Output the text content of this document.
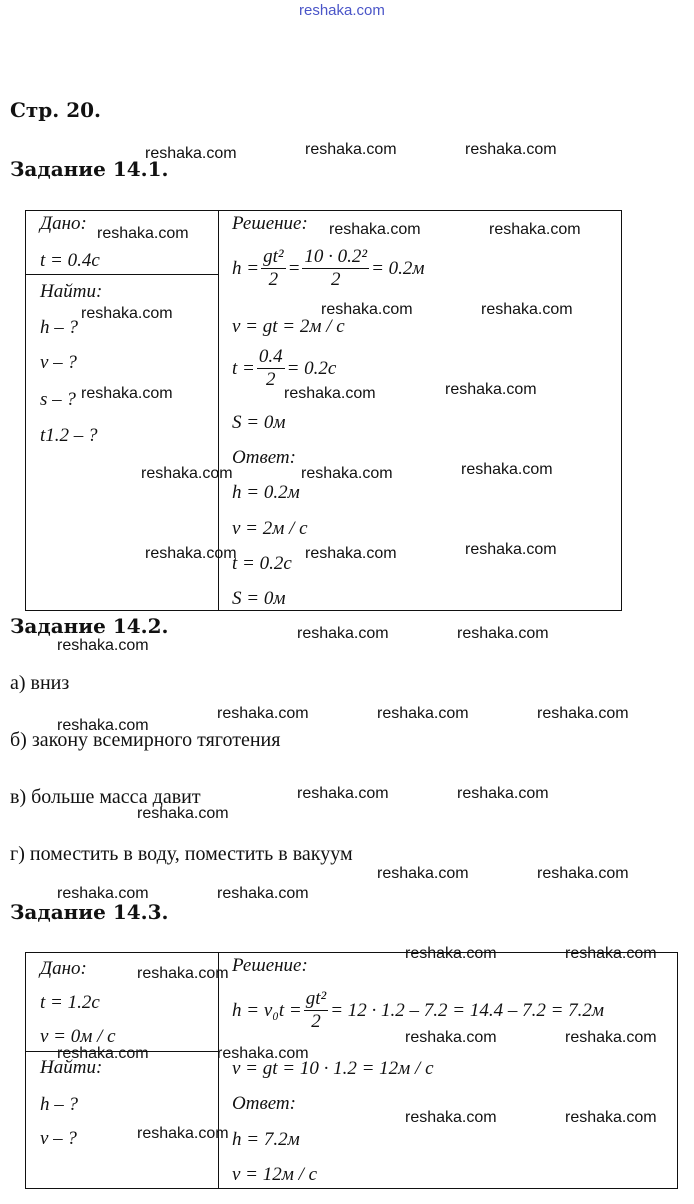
reshaka.com
Стр. 20.
Задание 14.1.
Дано:
t = 0.4c
Найти:
h – ?
v – ?
s – ?
t1.2 – ?
Решение:
$h = \frac{\text{gt²}}{2} = \frac{\text{10 · 0.2²}}{2} = 0.2м$
v = gt = 2м / с
$t = \frac{0.4}{2} = 0.2с$
S = 0м
Ответ:
h = 0.2м
v = 2м / с
t = 0.2с
S = 0м
Задание 14.2.
а) вниз
б) закону всемирного тяготения
в) больше масса давит
г) поместить в воду, поместить в вакуум
Задание 14.3.
Дано:
t = 1.2c
v = 0м / с
Найти:
h – ?
v – ?
Решение:
$h = v_0t = \frac{\text{gt²}}{2} = 12 \cdot 1.2 - 7.2 = 14.4 - 7.2 = 7.2м$
v = gt = 10 · 1.2 = 12м / с
Ответ:
h = 7.2м
v = 12м / с
reshaka.com	reshaka.com	reshaka.com
reshaka.com	reshaka.com	reshaka.com
reshaka.com	reshaka.com	reshaka.com
reshaka.com	reshaka.com	reshaka.com
reshaka.com	reshaka.com	reshaka.com
reshaka.com	reshaka.com	reshaka.com
reshaka.com	reshaka.com
reshaka.com
reshaka.com
reshaka.com	reshaka.com	reshaka.com
reshaka.com	reshaka.com
reshaka.com
reshaka.com	reshaka.com
reshaka.com	reshaka.com
reshaka.com	reshaka.com
reshaka.com
reshaka.com	reshaka.com
reshaka.com	reshaka.com
reshaka.com	reshaka.com
reshaka.com
